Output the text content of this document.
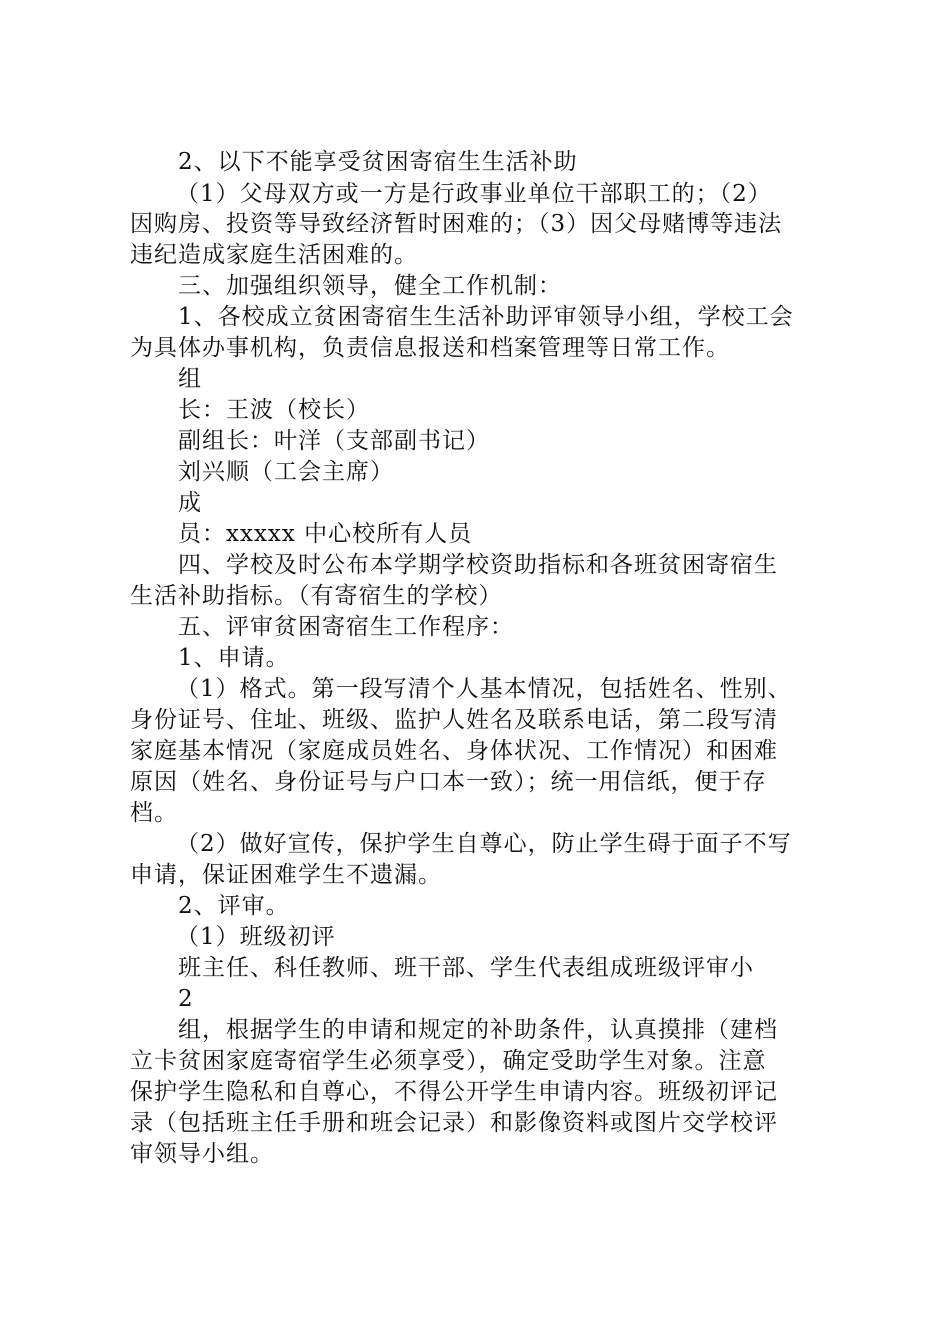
2、以下不能享受贫困寄宿生生活补助
（1）父母双方或一方是行政事业单位干部职工的；（2）
因购房、投资等导致经济暂时困难的；（3）因父母赌博等违法
违纪造成家庭生活困难的。
三、加强组织领导，健全工作机制：
1、各校成立贫困寄宿生生活补助评审领导小组，学校工会
为具体办事机构，负责信息报送和档案管理等日常工作。
组
长：王波（校长）
副组长：叶洋（支部副书记）
刘兴顺（工会主席）
成
员：xxxxx 中心校所有人员
四、学校及时公布本学期学校资助指标和各班贫困寄宿生
生活补助指标。（有寄宿生的学校）
五、评审贫困寄宿生工作程序：
1、申请。
（1）格式。第一段写清个人基本情况，包括姓名、性别、
身份证号、住址、班级、监护人姓名及联系电话，第二段写清
家庭基本情况（家庭成员姓名、身体状况、工作情况）和困难
原因（姓名、身份证号与户口本一致）；统一用信纸，便于存
档。
（2）做好宣传，保护学生自尊心，防止学生碍于面子不写
申请，保证困难学生不遗漏。
2、评审。
（1）班级初评
班主任、科任教师、班干部、学生代表组成班级评审小
2
组，根据学生的申请和规定的补助条件，认真摸排（建档
立卡贫困家庭寄宿学生必须享受），确定受助学生对象。注意
保护学生隐私和自尊心，不得公开学生申请内容。班级初评记
录（包括班主任手册和班会记录）和影像资料或图片交学校评
审领导小组。
